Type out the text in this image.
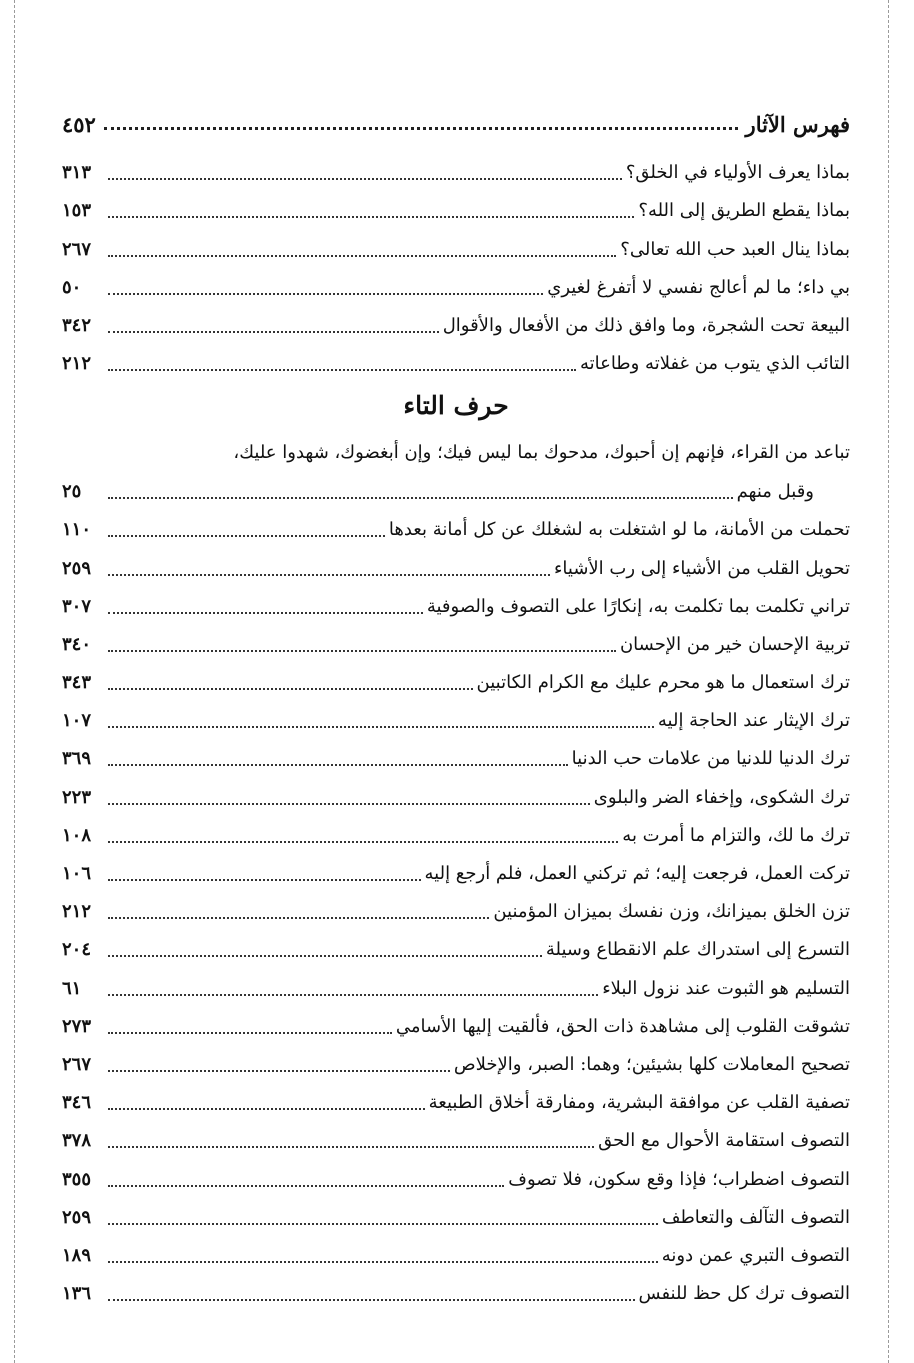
فهرس الآثار
٤٥٢
بماذا يعرف الأولياء في الخلق؟
٣١٣
بماذا يقطع الطريق إلى الله؟
١٥٣
بماذا ينال العبد حب الله تعالى؟
٢٦٧
بي داء؛ ما لم أعالج نفسي لا أتفرغ لغيري
٥٠
البيعة تحت الشجرة، وما وافق ذلك من الأفعال والأقوال
٣٤٢
التائب الذي يتوب من غفلاته وطاعاته
٢١٢
حرف التاء
تباعد من القراء، فإنهم إن أحبوك، مدحوك بما ليس فيك؛ وإن أبغضوك، شهدوا عليك،
وقبل منهم
٢٥
تحملت من الأمانة، ما لو اشتغلت به لشغلك عن كل أمانة بعدها
١١٠
تحويل القلب من الأشياء إلى رب الأشياء
٢٥٩
تراني تكلمت بما تكلمت به، إنكارًا على التصوف والصوفية
٣٠٧
تربية الإحسان خير من الإحسان
٣٤٠
ترك استعمال ما هو محرم عليك مع الكرام الكاتبين
٣٤٣
ترك الإيثار عند الحاجة إليه
١٠٧
ترك الدنيا للدنيا من علامات حب الدنيا
٣٦٩
ترك الشكوى، وإخفاء الضر والبلوى
٢٢٣
ترك ما لك، والتزام ما أمرت به
١٠٨
تركت العمل، فرجعت إليه؛ ثم تركني العمل، فلم أرجع إليه
١٠٦
تزن الخلق بميزانك، وزن نفسك بميزان المؤمنين
٢١٢
التسرع إلى استدراك علم الانقطاع وسيلة
٢٠٤
التسليم هو الثبوت عند نزول البلاء
٦١
تشوقت القلوب إلى مشاهدة ذات الحق، فألقيت إليها الأسامي
٢٧٣
تصحيح المعاملات كلها بشيئين؛ وهما: الصبر، والإخلاص
٢٦٧
تصفية القلب عن موافقة البشرية، ومفارقة أخلاق الطبيعة
٣٤٦
التصوف استقامة الأحوال مع الحق
٣٧٨
التصوف اضطراب؛ فإذا وقع سكون، فلا تصوف
٣٥٥
التصوف التآلف والتعاطف
٢٥٩
التصوف التبري عمن دونه
١٨٩
التصوف ترك كل حظ للنفس
١٣٦
